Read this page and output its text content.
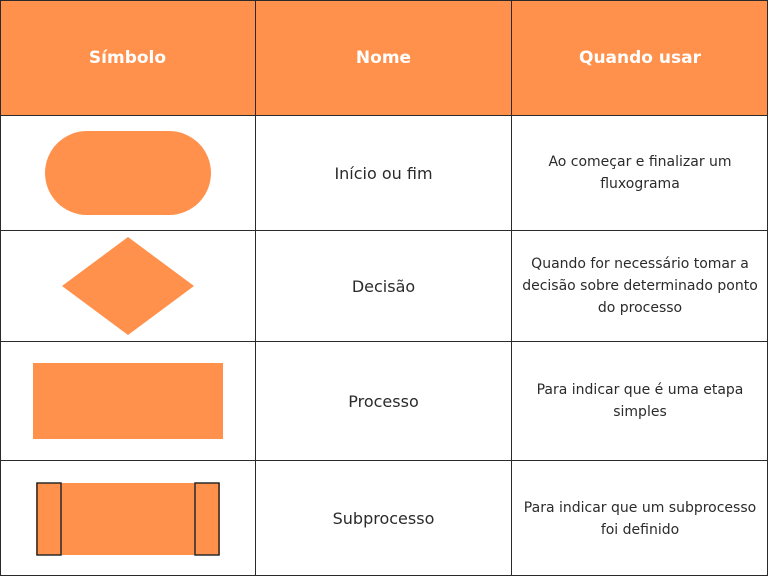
Símbolo	Nome	Quando usar
Início ou fim
Ao começar e finalizar um fluxograma
Decisão
Quando for necessário tomar a decisão sobre determinado ponto do processo
Processo
Para indicar que é uma etapa simples
Subprocesso
Para indicar que um subprocesso foi definido
